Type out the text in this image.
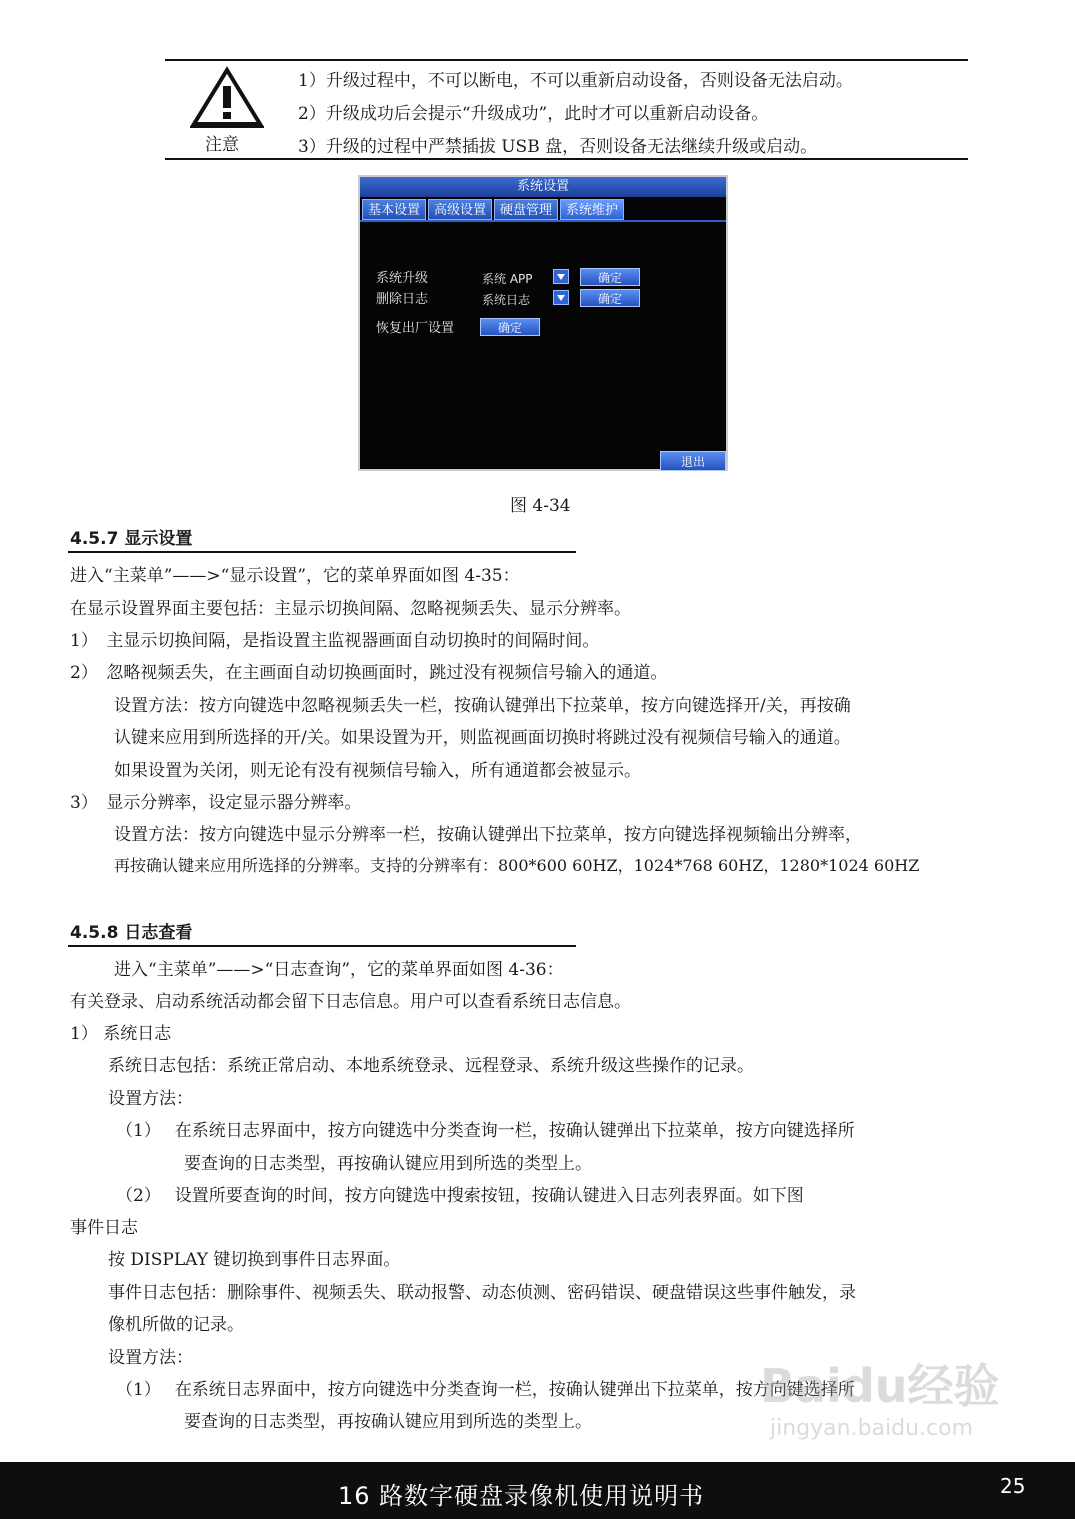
注意
1）升级过程中，不可以断电，不可以重新启动设备，否则设备无法启动。
2）升级成功后会提示“升级成功”，此时才可以重新启动设备。
3）升级的过程中严禁插拔 USB 盘，否则设备无法继续升级或启动。
系统设置
基本设置	高级设置	硬盘管理	系统维护
系统升级	系统 APP	确定
删除日志	系统日志	确定
恢复出厂设置	确定
退出
图 4-34
4.5.7 显示设置
进入“主菜单”——>“显示设置”，它的菜单界面如图 4-35：
在显示设置界面主要包括：主显示切换间隔、忽略视频丢失、显示分辨率。
1）　主显示切换间隔，是指设置主监视器画面自动切换时的间隔时间。
2）　忽略视频丢失，在主画面自动切换画面时，跳过没有视频信号输入的通道。
设置方法：按方向键选中忽略视频丢失一栏，按确认键弹出下拉菜单，按方向键选择开/关，再按确
认键来应用到所选择的开/关。如果设置为开，则监视画面切换时将跳过没有视频信号输入的通道。
如果设置为关闭，则无论有没有视频信号输入，所有通道都会被显示。
3）　显示分辨率，设定显示器分辨率。
设置方法：按方向键选中显示分辨率一栏，按确认键弹出下拉菜单，按方向键选择视频输出分辨率，
再按确认键来应用所选择的分辨率。支持的分辨率有：800*600 60HZ，1024*768 60HZ，1280*1024 60HZ
4.5.8 日志查看
进入“主菜单”——>“日志查询”，它的菜单界面如图 4-36：
有关登录、启动系统活动都会留下日志信息。用户可以查看系统日志信息。
1） 系统日志
系统日志包括：系统正常启动、本地系统登录、远程登录、系统升级这些操作的记录。
设置方法：
（1）　 在系统日志界面中，按方向键选中分类查询一栏，按确认键弹出下拉菜单，按方向键选择所
要查询的日志类型，再按确认键应用到所选的类型上。
（2）　 设置所要查询的时间，按方向键选中搜索按钮，按确认键进入日志列表界面。如下图
事件日志
按 DISPLAY 键切换到事件日志界面。
事件日志包括：删除事件、视频丢失、联动报警、动态侦测、密码错误、硬盘错误这些事件触发，录
像机所做的记录。
设置方法：
（1）　 在系统日志界面中，按方向键选中分类查询一栏，按确认键弹出下拉菜单，按方向键选择所
要查询的日志类型，再按确认键应用到所选的类型上。
Baidu经验
jingyan.baidu.com
16 路数字硬盘录像机使用说明书	25
